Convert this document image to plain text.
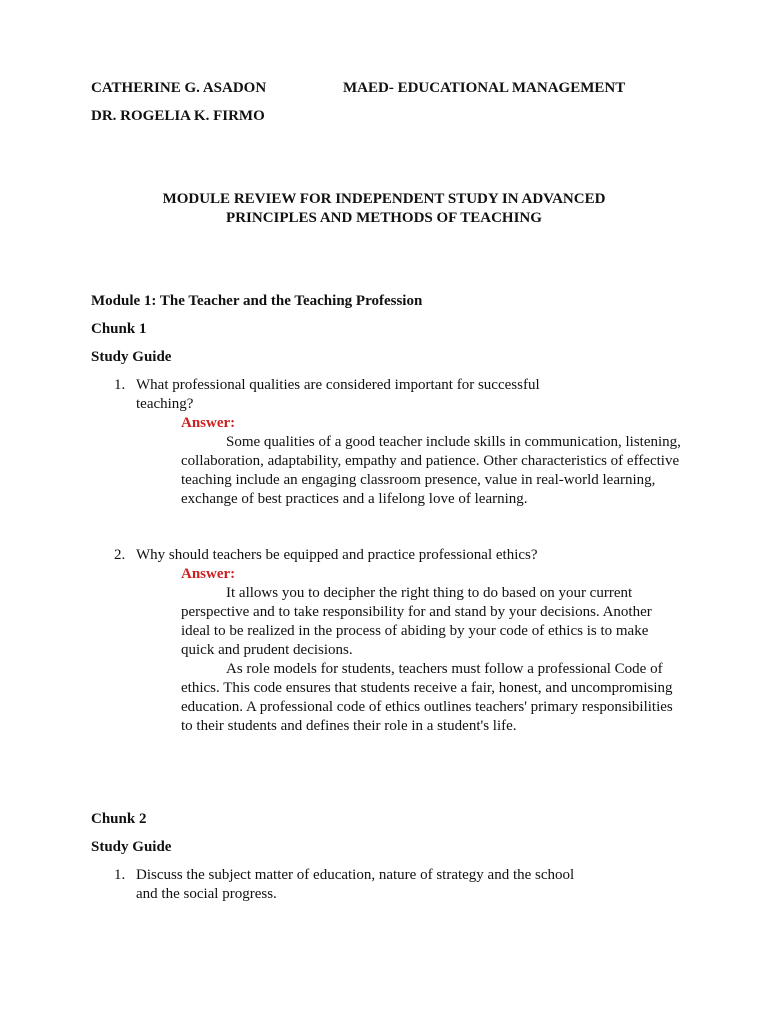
CATHERINE G. ASADON	MAED- EDUCATIONAL MANAGEMENT
DR. ROGELIA K. FIRMO
MODULE REVIEW FOR INDEPENDENT STUDY IN ADVANCED
PRINCIPLES AND METHODS OF TEACHING
Module 1: The Teacher and the Teaching Profession
Chunk 1
Study Guide
1. What professional qualities are considered important for successful
teaching?
Answer:
Some qualities of a good teacher include skills in communication, listening, collaboration, adaptability, empathy and patience. Other characteristics of effective teaching include an engaging classroom presence, value in real-world learning, exchange of best practices and a lifelong love of learning.
2. Why should teachers be equipped and practice professional ethics?
Answer:
It allows you to decipher the right thing to do based on your current perspective and to take responsibility for and stand by your decisions. Another ideal to be realized in the process of abiding by your code of ethics is to make quick and prudent decisions.
As role models for students, teachers must follow a professional Code of ethics. This code ensures that students receive a fair, honest, and uncompromising education. A professional code of ethics outlines teachers' primary responsibilities to their students and defines their role in a student's life.
Chunk 2
Study Guide
1. Discuss the subject matter of education, nature of strategy and the school
and the social progress.
